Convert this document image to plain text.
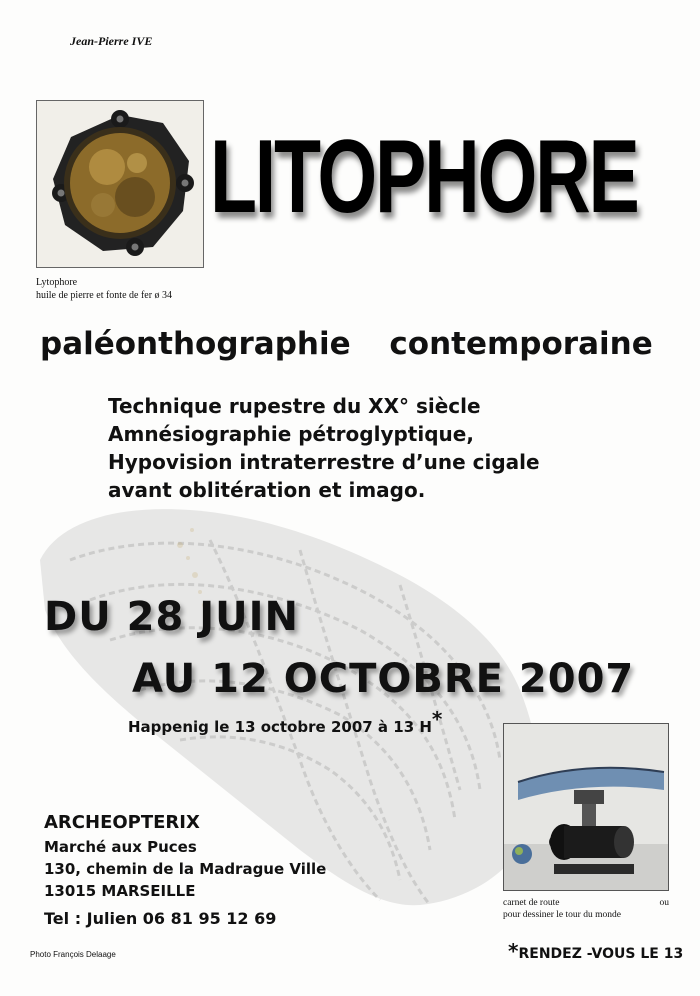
Jean-Pierre IVE
Lytophore
huile de pierre et fonte de fer ø 34
LITOPHORE
paléonthographie contemporaine
Technique rupestre du XX° siècle
Amnésiographie pétroglyptique,
Hypovision intraterrestre d’une cigale
avant oblitération et imago.
DU 28 JUIN
AU 12 OCTOBRE 2007
Happenig le 13 octobre 2007 à 13 H*
carnet de route	ou
pour dessiner le tour du monde
ARCHEOPTERIX
Marché aux Puces
130, chemin de la Madrague Ville
13015 MARSEILLE
Tel : Julien 06 81 95 12 69
Photo François Delaage	*RENDEZ -VOUS LE 13
